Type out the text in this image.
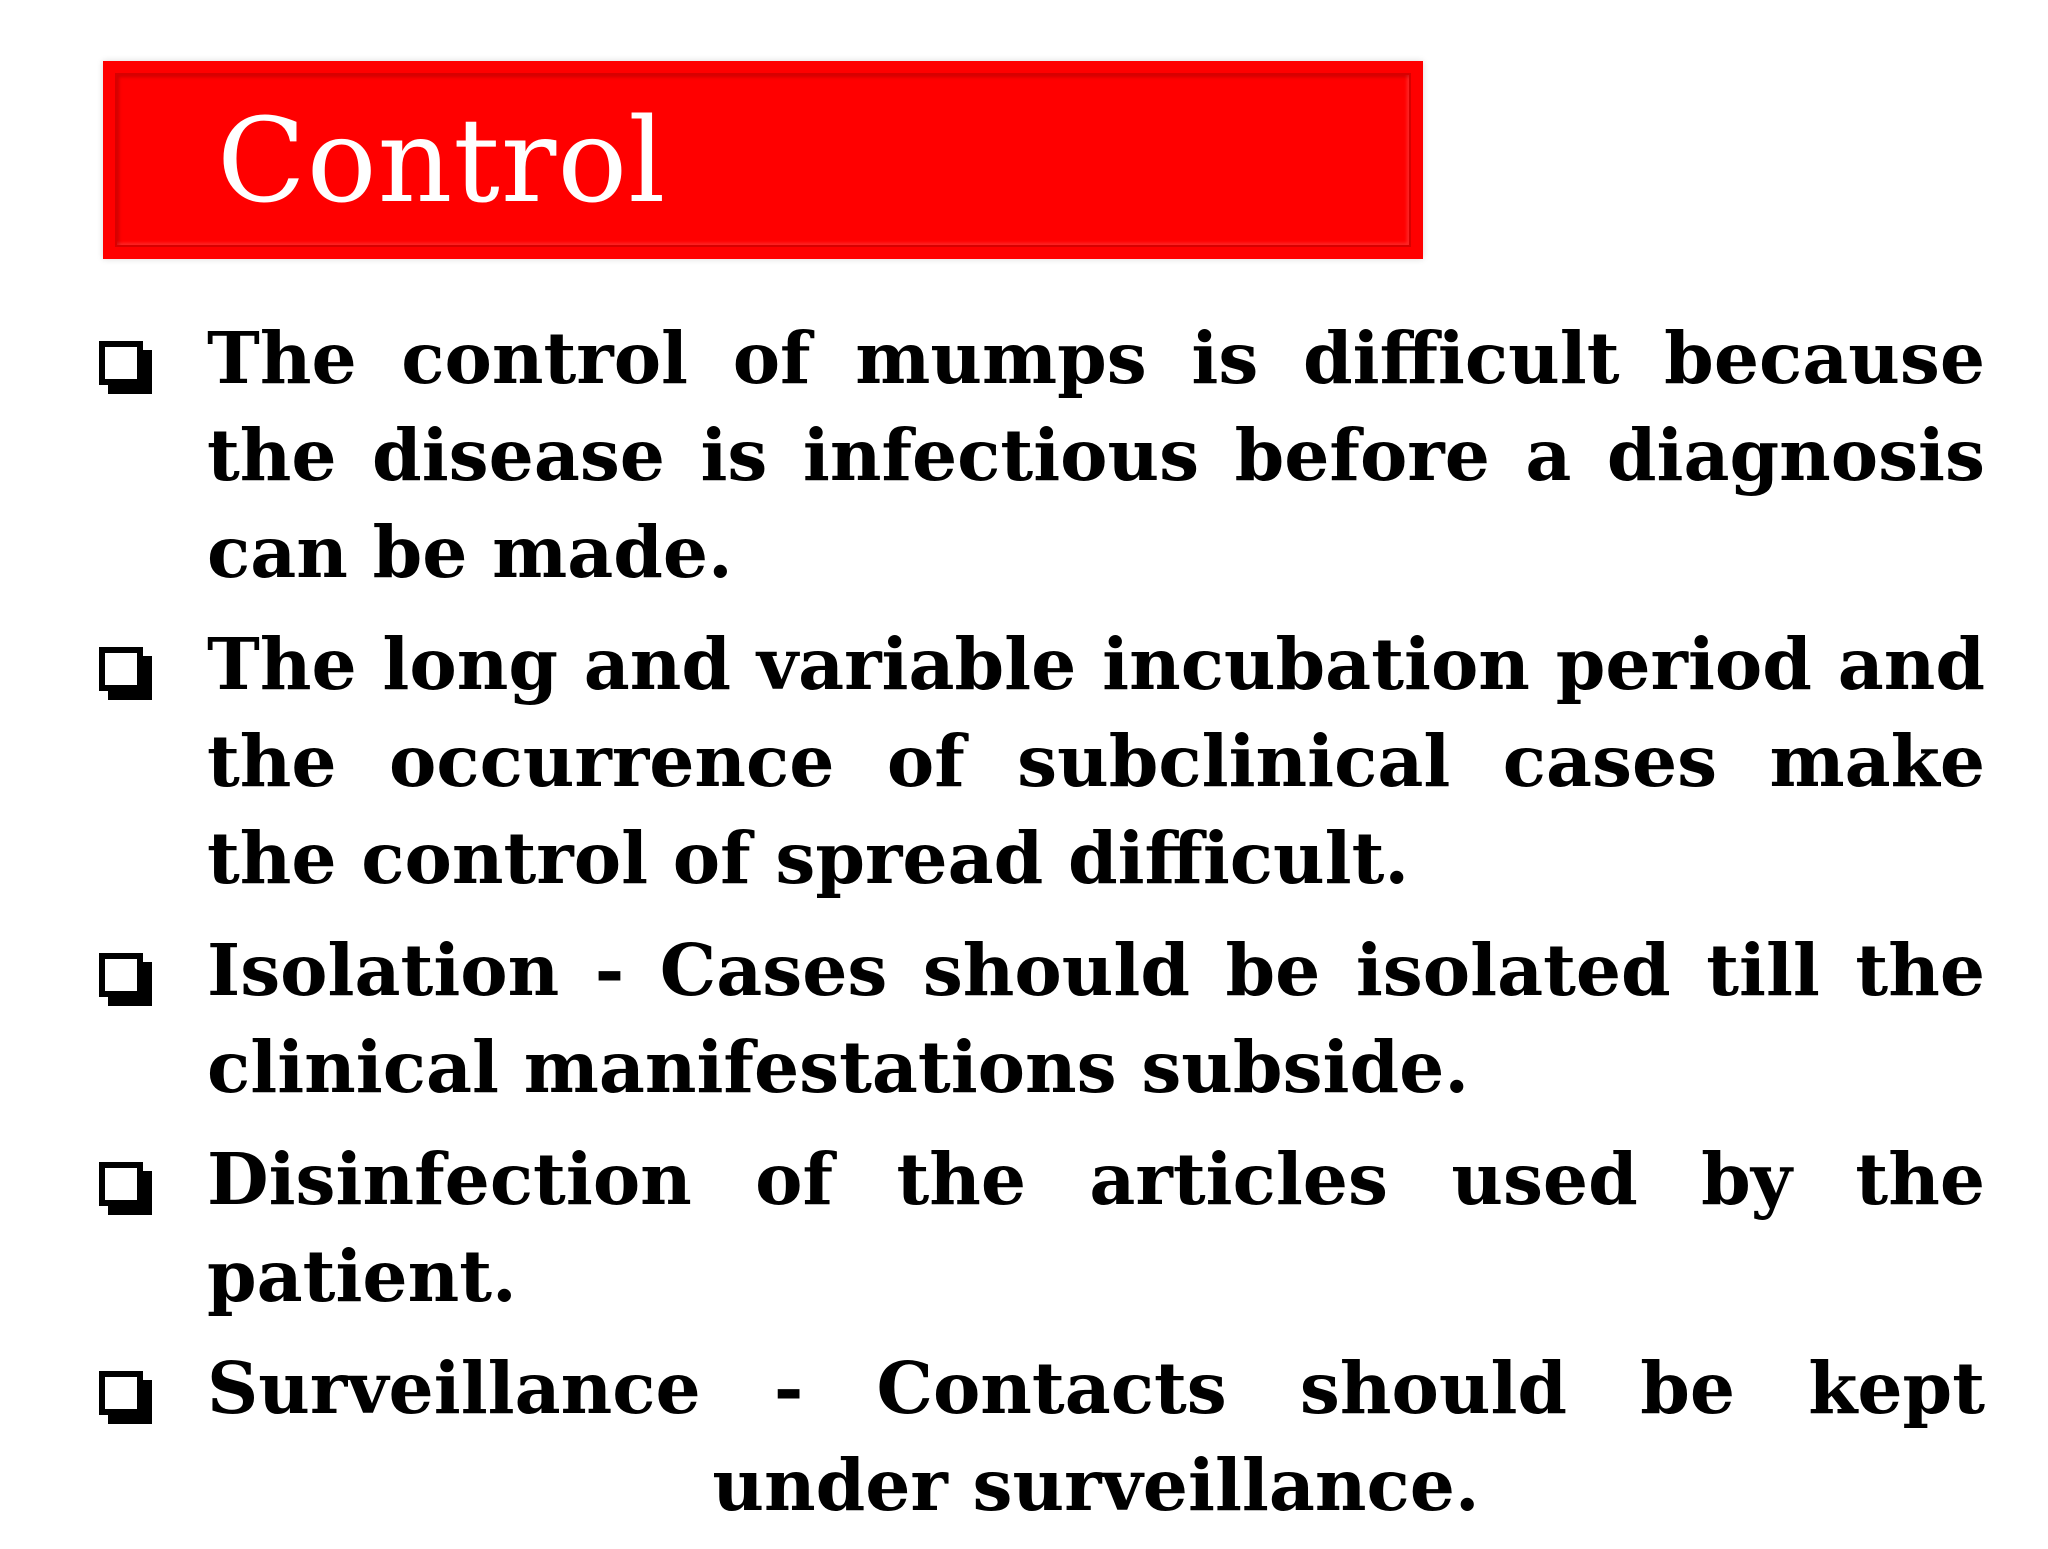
Control
The control of mumps is difficult because the disease is infectious before a diagnosis can be made.
The long and variable incubation period and the occurrence of subclinical cases make the control of spread difficult.
Isolation - Cases should be isolated till the clinical manifestations subside.
Disinfection of the articles used by the patient.
Surveillance - Contacts should be kept under surveillance.
